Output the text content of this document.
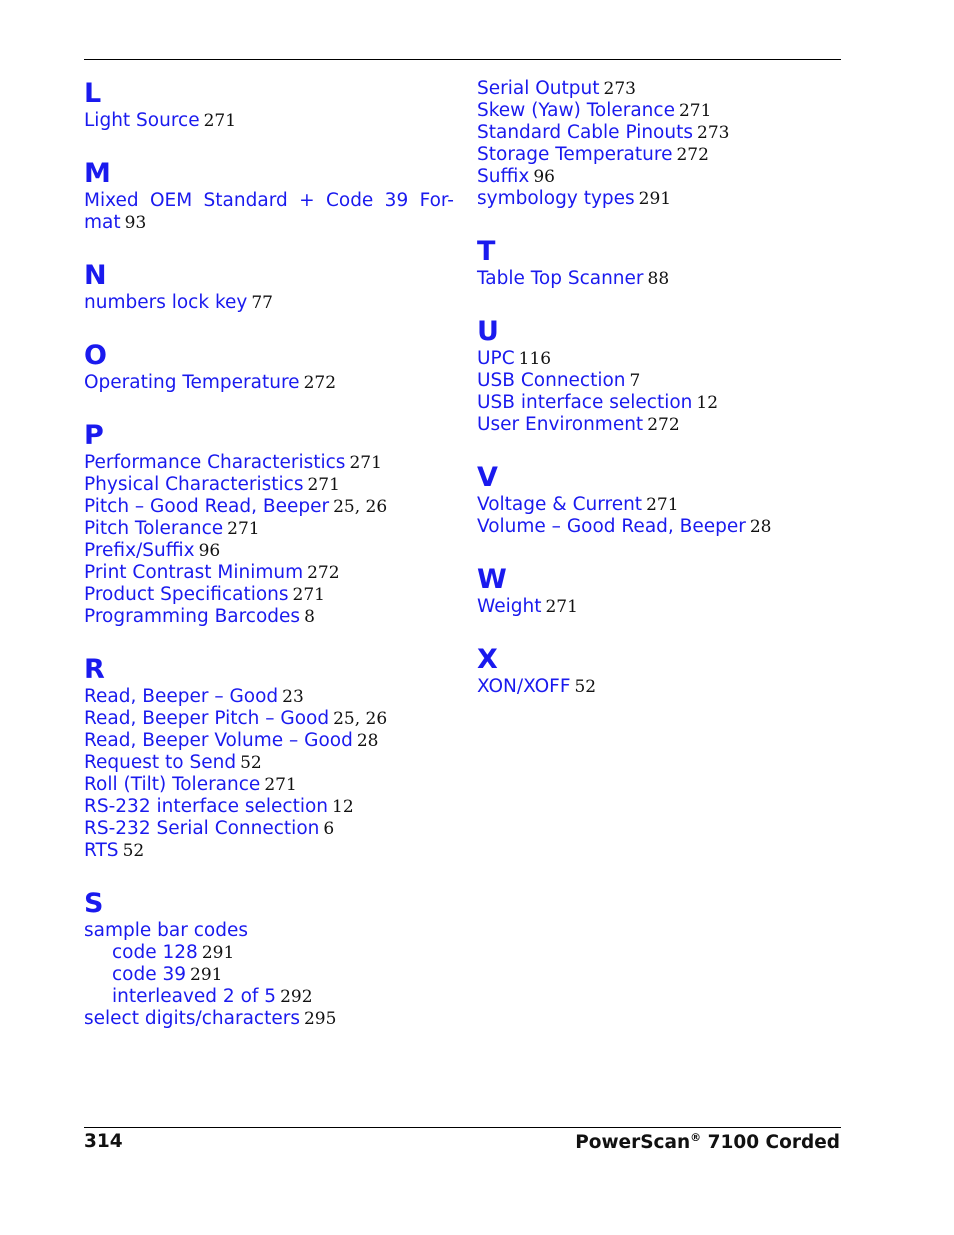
L
Light Source 271
M
Mixed OEM Standard + Code 39 For-mat 93
N
numbers lock key 77
O
Operating Temperature 272
P
Performance Characteristics 271
Physical Characteristics 271
Pitch – Good Read, Beeper 25, 26
Pitch Tolerance 271
Prefix/Suffix 96
Print Contrast Minimum 272
Product Specifications 271
Programming Barcodes 8
R
Read, Beeper – Good 23
Read, Beeper Pitch – Good 25, 26
Read, Beeper Volume – Good 28
Request to Send 52
Roll (Tilt) Tolerance 271
RS-232 interface selection 12
RS-232 Serial Connection 6
RTS 52
S
sample bar codes
code 128 291
code 39 291
interleaved 2 of 5 292
select digits/characters 295
Serial Output 273
Skew (Yaw) Tolerance 271
Standard Cable Pinouts 273
Storage Temperature 272
Suffix 96
symbology types 291
T
Table Top Scanner 88
U
UPC 116
USB Connection 7
USB interface selection 12
User Environment 272
V
Voltage & Current 271
Volume – Good Read, Beeper 28
W
Weight 271
X
XON/XOFF 52
314	PowerScan® 7100 Corded
